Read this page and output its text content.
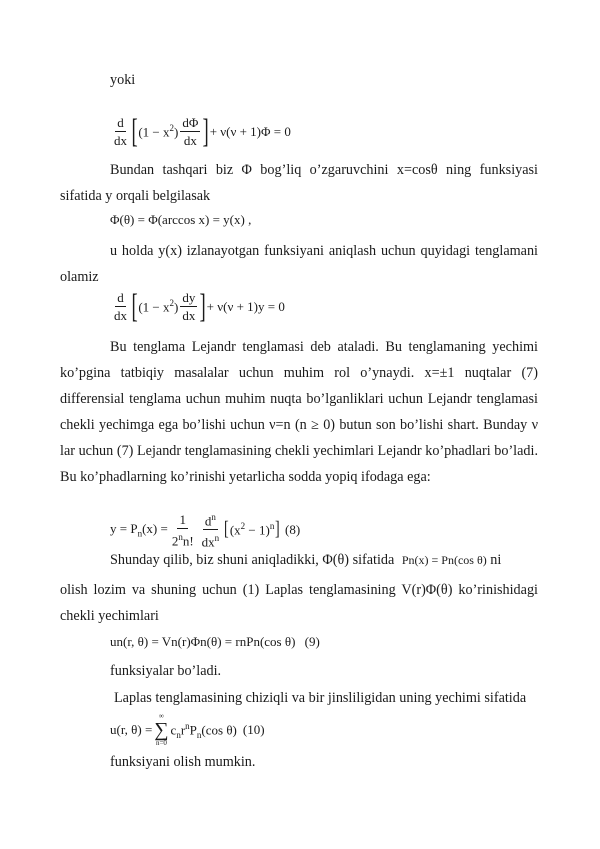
yoki
$\frac{d}{dx}$ [ $(1 - x^2) \frac{d\Phi}{dx}$ ] + ν(ν + 1)Φ = 0

Bundan tashqari biz Φ bog’liq o’zgaruvchini x=cosθ ning funksiyasi sifatida y orqali belgilasak

Φ(θ) = Φ(arccos x) = y(x) ,

u holda y(x) izlanayotgan funksiyani aniqlash uchun quyidagi tenglamani olamiz

$\frac{d}{dx}$ [ $(1 - x^2) \frac{dy}{dx}$ ] + ν(ν + 1)y = 0

Bu tenglama Lejandr tenglamasi deb ataladi. Bu tenglamaning yechimi ko’pgina tatbiqiy masalalar uchun muhim rol o’ynaydi. x=±1 nuqtalar (7) differensial tenglama uchun muhim nuqta bo’lganliklari uchun Lejandr tenglamasi chekli yechimga ega bo’lishi uchun ν=n (n ≥ 0) butun son bo’lishi shart. Bunday ν lar uchun (7) Lejandr tenglamasining chekli yechimlari Lejandr ko’phadlari bo’ladi. Bu ko’phadlarning ko’rinishi yetarlicha sodda yopiq ifodaga ega:

$y = P_n(x) = \frac{1}{2^nn!} \frac{d^n}{dx^n}$ [ $(x^2 - 1)^n$ ] (8)
Shunday qilib, biz shuni aniqladikki, Φ(θ) sifatida Pn(x) = Pn(cos θ) ni

olish lozim va shuning uchun (1) Laplas tenglamasining V(r)Φ(θ) ko’rinishidagi chekli yechimlari

un(r, θ) = Vn(r)Φn(θ) = rnPn(cos θ) (9)
funksiyalar bo’ladi.
Laplas tenglamasining chiziqli va bir jinsliligidan uning yechimi sifatida
u(r, θ) =
∞
∑
n=0
$c_nr^nP_n(\cos$ θ) (10)
funksiyani olish mumkin.
